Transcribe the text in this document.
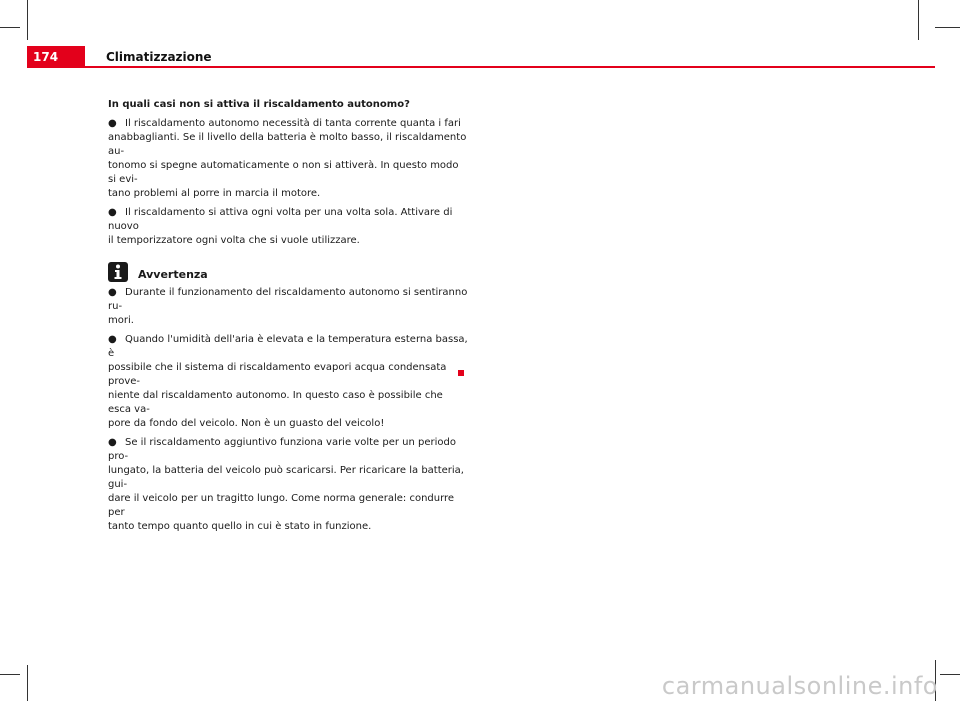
174	Climatizzazione

In quali casi non si attiva il riscaldamento autonomo?

● Il riscaldamento autonomo necessità di tanta corrente quanta i fari
anabbaglianti. Se il livello della batteria è molto basso, il riscaldamento au-
tonomo si spegne automaticamente o non si attiverà. In questo modo si evi-
tano problemi al porre in marcia il motore.

● Il riscaldamento si attiva ogni volta per una volta sola. Attivare di nuovo
il temporizzatore ogni volta che si vuole utilizzare.

Avvertenza

● Durante il funzionamento del riscaldamento autonomo si sentiranno ru-
mori.

● Quando l'umidità dell'aria è elevata e la temperatura esterna bassa, è
possibile che il sistema di riscaldamento evapori acqua condensata prove-
niente dal riscaldamento autonomo. In questo caso è possibile che esca va-
pore da fondo del veicolo. Non è un guasto del veicolo!

● Se il riscaldamento aggiuntivo funziona varie volte per un periodo pro-
lungato, la batteria del veicolo può scaricarsi. Per ricaricare la batteria, gui-
dare il veicolo per un tragitto lungo. Come norma generale: condurre per
tanto tempo quanto quello in cui è stato in funzione.

carmanualsonline.info
